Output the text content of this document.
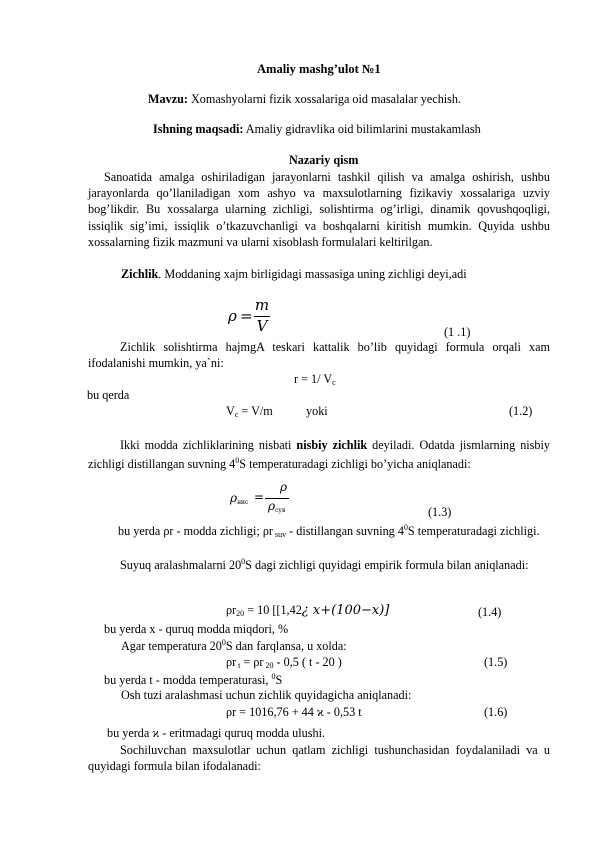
Amaliy mashg’ulot №1
Mavzu: Xomashyolarni fizik xossalariga oid masalalar yechish.
Ishning maqsadi: Amaliy gidravlika oid bilimlarini mustakamlash
Nazariy qism
Sanoatida amalga oshiriladigan jarayonlarni tashkil qilish va amalga oshirish, ushbu jarayonlarda qo’llaniladigan xom ashyo va maxsulotlarning fizikaviy xossalariga uzviy bog’likdir. Bu xossalarga ularning zichligi, solishtirma og’irligi, dinamik qovushqoqligi, issiqlik sig’imi, issiqlik o’tkazuvchanligi va boshqalarni kiritish mumkin. Quyida ushbu xossalarning fizik mazmuni va ularni xisoblash formulalari keltirilgan.
Zichlik. Moddaning xajm birligidagi massasiga uning zichligi deyi,adi
ρ =
m
V	(1 .1)
Zichlik solishtirma hajmgA teskari kattalik bo’lib quyidagi formula orqali xam ifodalanishi mumkin, ya`ni:
r = 1/ $V_c$
bu qerda
$V_c = V/m$	yoki	(1.2)
Ikki modda zichliklarining nisbati nisbiy zichlik deyiladi. Odatda jismlarning nisbiy zichligi distillangan suvning $4^0S$ temperaturadagi zichligi bo’yicha aniqlanadi:
ρнис =
ρ
ρсув	(1.3)
bu yerda ρr - modda zichligi; ρr $_{suv}$ - distillangan suvning $4^0S$ temperaturadagi zichligi.
Suyuq aralashmalarni $20^0S$ dagi zichligi quyidagi empirik formula bilan aniqlanadi:
$\rho r_{20} = 10$ [[1,42¿ x+(100−x)]	(1.4)
bu yerda x - quruq modda miqdori, %
Agar temperatura $20^0S$ dan farqlansa, u xolda:
ρr $_t$ = ρr $_{20}$ - 0,5 ( t - 20 )	(1.5)
bu yerda t - modda temperaturasi, $^0$S
Osh tuzi aralashmasi uchun zichlik quyidagicha aniqlanadi:
ρr = 1016,76 + 44 ϰ - 0,53 t	(1.6)
bu yerda ϰ - eritmadagi quruq modda ulushi.
Sochiluvchan maxsulotlar uchun qatlam zichligi tushunchasidan foydalaniladi va u quyidagi formula bilan ifodalanadi:
